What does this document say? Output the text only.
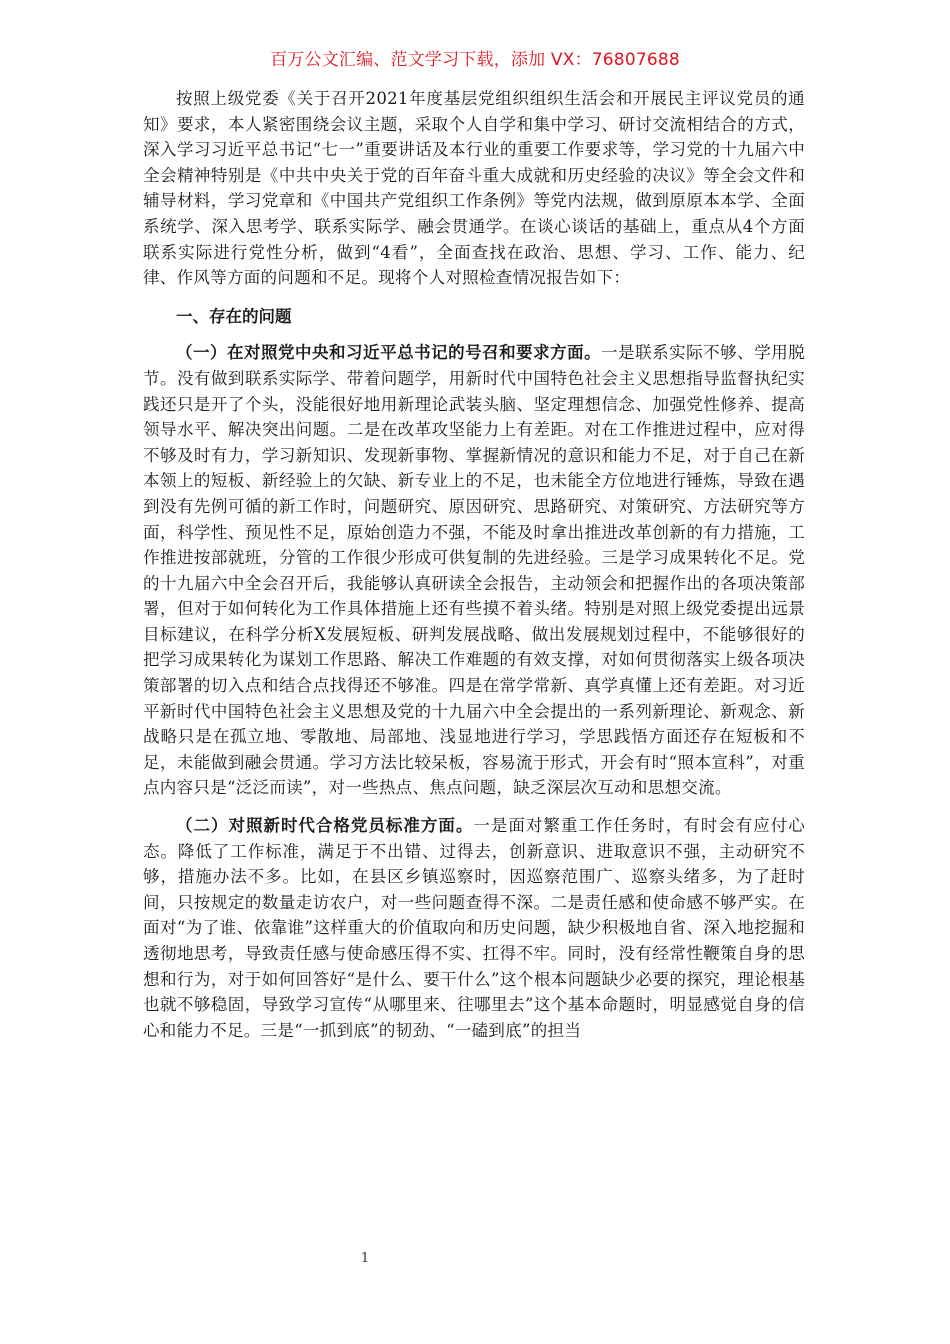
百万公文汇编、范文学习下载，添加 VX：76807688

按照上级党委《关于召开2021年度基层党组织组织生活会和开展民主评议党员的通知》要求，本人紧密围绕会议主题，采取个人自学和集中学习、研讨交流相结合的方式，深入学习习近平总书记“七一”重要讲话及本行业的重要工作要求等，学习党的十九届六中全会精神特别是《中共中央关于党的百年奋斗重大成就和历史经验的决议》等全会文件和辅导材料，学习党章和《中国共产党组织工作条例》等党内法规，做到原原本本学、全面系统学、深入思考学、联系实际学、融会贯通学。在谈心谈话的基础上，重点从4个方面联系实际进行党性分析，做到“4看”，全面查找在政治、思想、学习、工作、能力、纪律、作风等方面的问题和不足。现将个人对照检查情况报告如下：

一、存在的问题

（一）在对照党中央和习近平总书记的号召和要求方面。一是联系实际不够、学用脱节。没有做到联系实际学、带着问题学，用新时代中国特色社会主义思想指导监督执纪实践还只是开了个头，没能很好地用新理论武装头脑、坚定理想信念、加强党性修养、提高领导水平、解决突出问题。二是在改革攻坚能力上有差距。对在工作推进过程中，应对得不够及时有力，学习新知识、发现新事物、掌握新情况的意识和能力不足，对于自己在新本领上的短板、新经验上的欠缺、新专业上的不足，也未能全方位地进行锤炼，导致在遇到没有先例可循的新工作时，问题研究、原因研究、思路研究、对策研究、方法研究等方面，科学性、预见性不足，原始创造力不强，不能及时拿出推进改革创新的有力措施，工作推进按部就班，分管的工作很少形成可供复制的先进经验。三是学习成果转化不足。党的十九届六中全会召开后，我能够认真研读全会报告，主动领会和把握作出的各项决策部署，但对于如何转化为工作具体措施上还有些摸不着头绪。特别是对照上级党委提出远景目标建议，在科学分析X发展短板、研判发展战略、做出发展规划过程中，不能够很好的把学习成果转化为谋划工作思路、解决工作难题的有效支撑，对如何贯彻落实上级各项决策部署的切入点和结合点找得还不够准。四是在常学常新、真学真懂上还有差距。对习近平新时代中国特色社会主义思想及党的十九届六中全会提出的一系列新理论、新观念、新战略只是在孤立地、零散地、局部地、浅显地进行学习，学思践悟方面还存在短板和不足，未能做到融会贯通。学习方法比较呆板，容易流于形式，开会有时“照本宣科”，对重点内容只是“泛泛而读”，对一些热点、焦点问题，缺乏深层次互动和思想交流。

（二）对照新时代合格党员标准方面。一是面对繁重工作任务时，有时会有应付心态。降低了工作标准，满足于不出错、过得去，创新意识、进取意识不强，主动研究不够，措施办法不多。比如，在县区乡镇巡察时，因巡察范围广、巡察头绪多，为了赶时间，只按规定的数量走访农户，对一些问题查得不深。二是责任感和使命感不够严实。在面对“为了谁、依靠谁”这样重大的价值取向和历史问题，缺少积极地自省、深入地挖掘和透彻地思考，导致责任感与使命感压得不实、扛得不牢。同时，没有经常性鞭策自身的思想和行为，对于如何回答好“是什么、要干什么”这个根本问题缺少必要的探究，理论根基也就不够稳固，导致学习宣传“从哪里来、往哪里去”这个基本命题时，明显感觉自身的信心和能力不足。三是“一抓到底”的韧劲、“一磕到底”的担当

1
